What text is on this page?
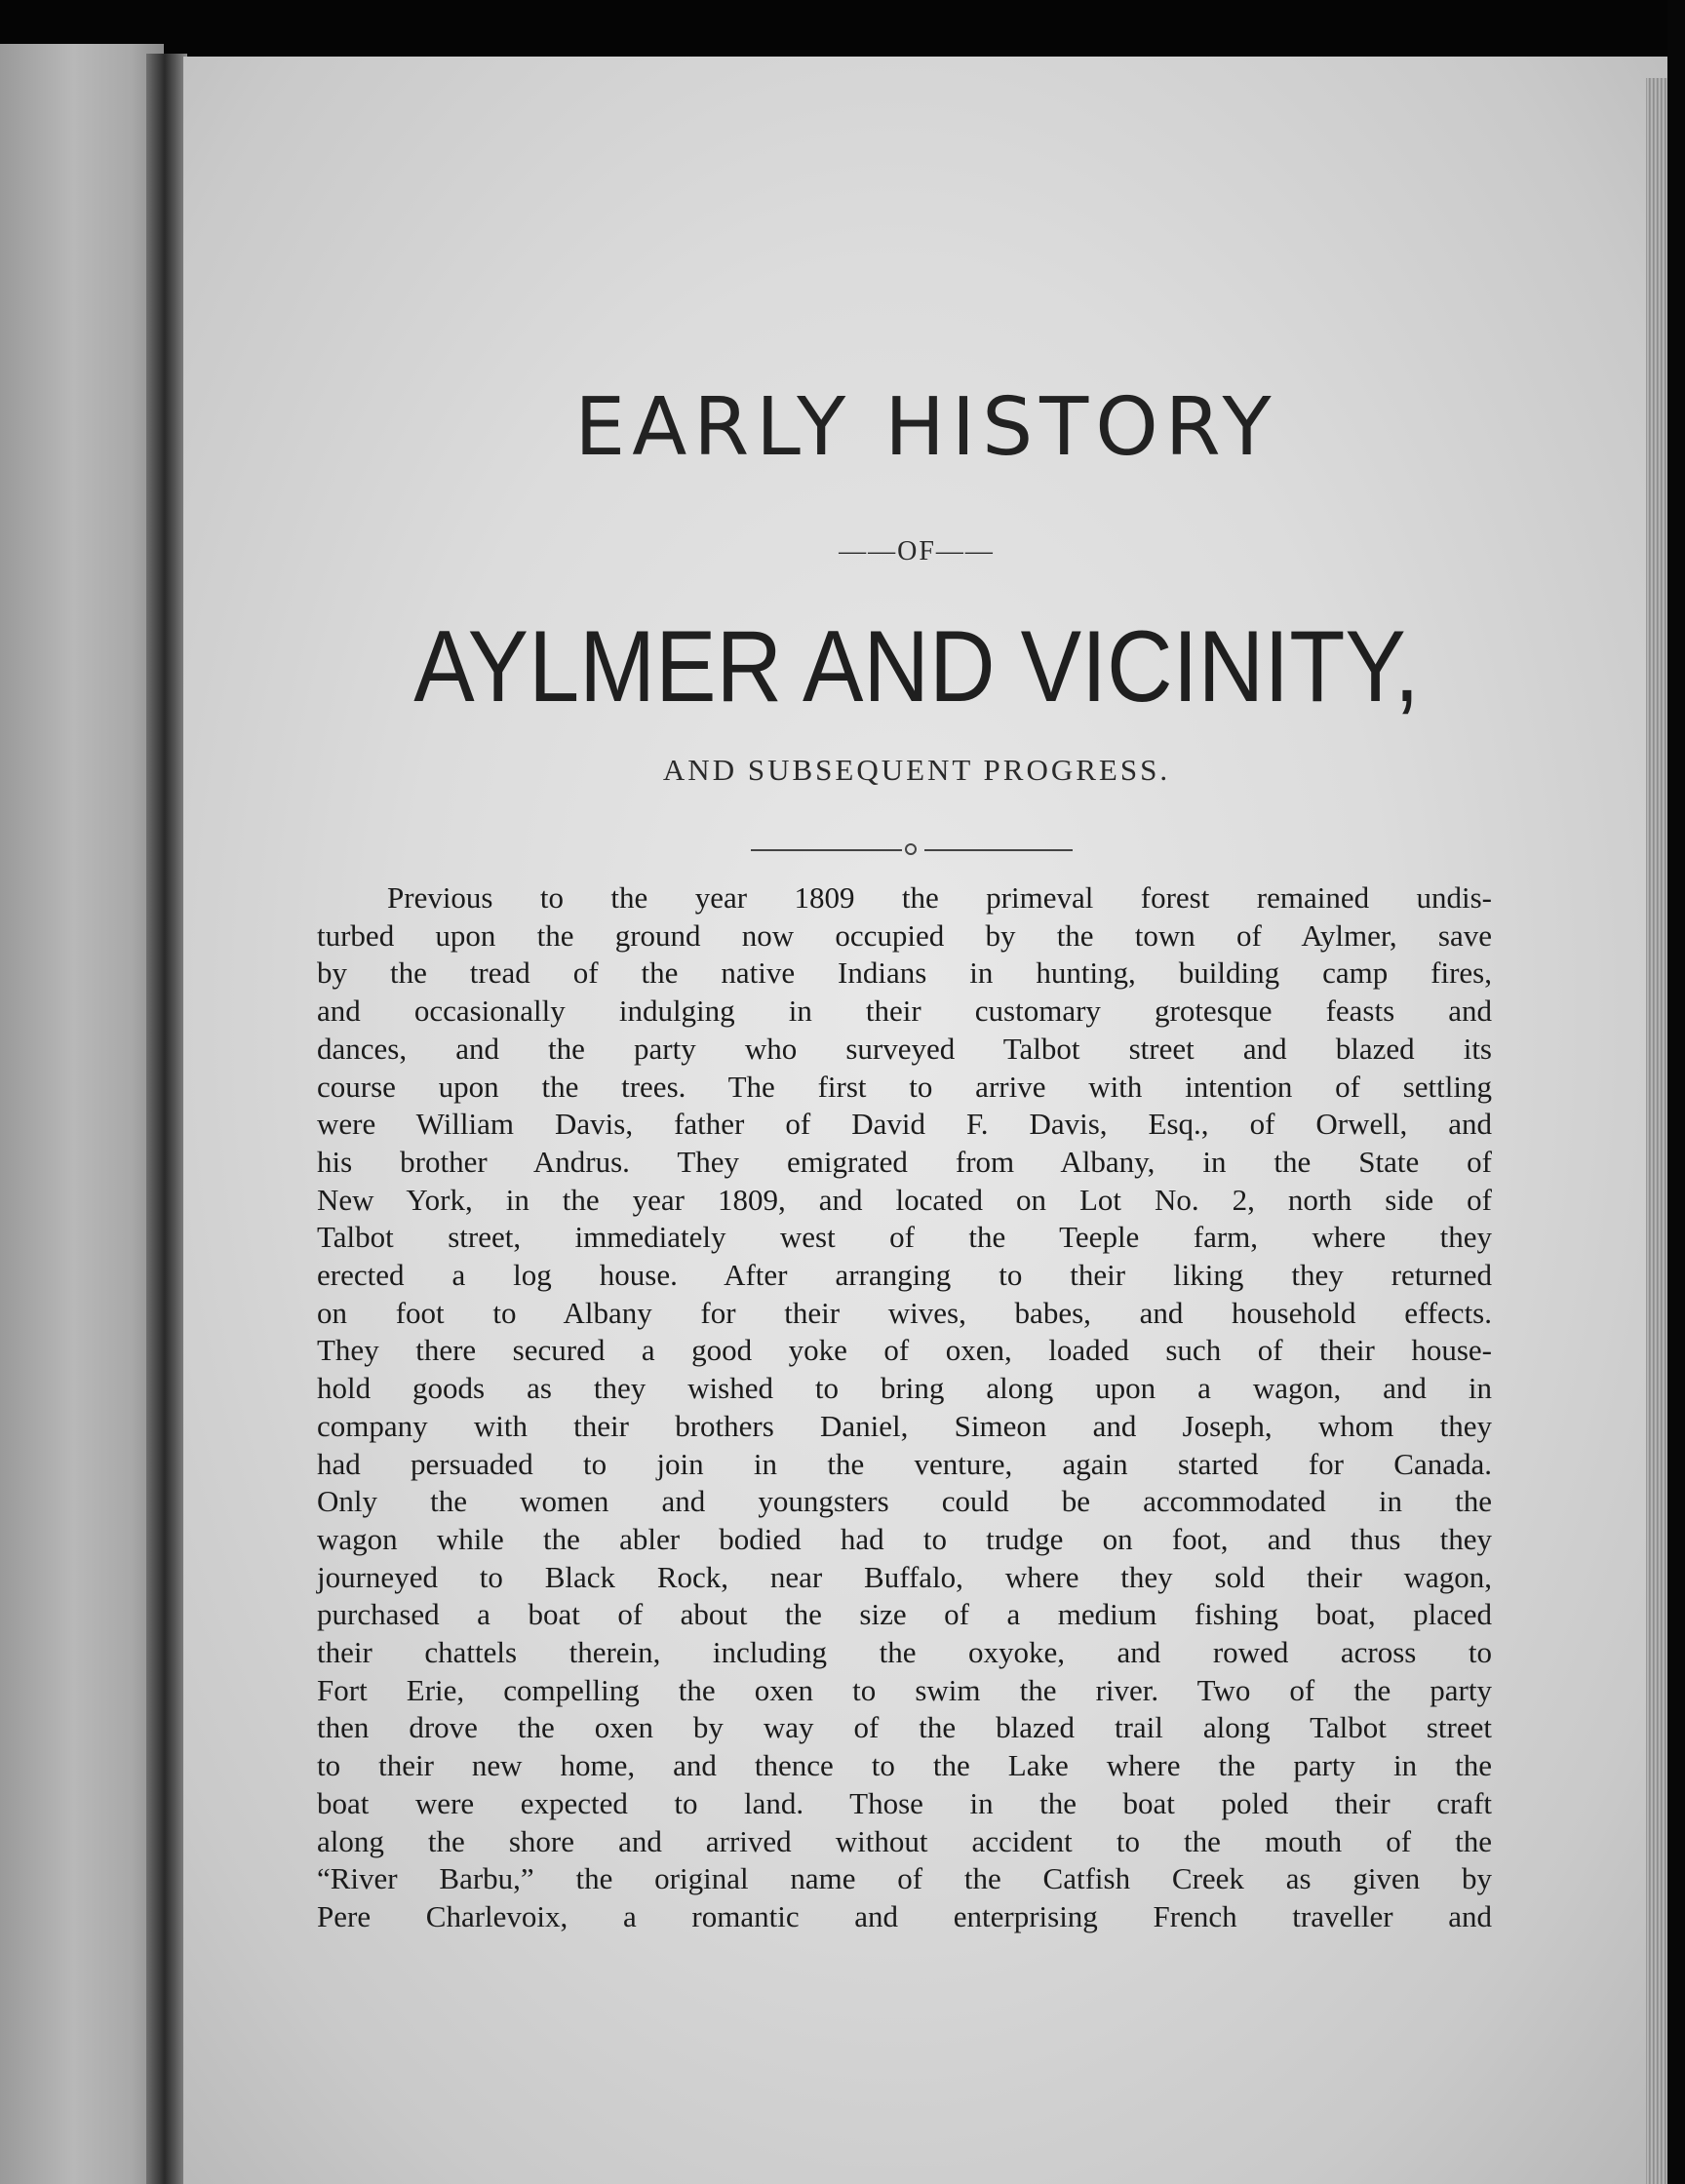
EARLY HISTORY
——OF——
AYLMER AND VICINITY,
AND SUBSEQUENT PROGRESS.
Previous to the year 1809 the primeval forest remained undis-
turbed upon the ground now occupied by the town of Aylmer, save
by the tread of the native Indians in hunting, building camp fires,
and occasionally indulging in their customary grotesque feasts and
dances, and the party who surveyed Talbot street and blazed its
course upon the trees. The first to arrive with intention of settling
were William Davis, father of David F. Davis, Esq., of Orwell, and
his brother Andrus. They emigrated from Albany, in the State of
New York, in the year 1809, and located on Lot No. 2, north side of
Talbot street, immediately west of the Teeple farm, where they
erected a log house. After arranging to their liking they returned
on foot to Albany for their wives, babes, and household effects.
They there secured a good yoke of oxen, loaded such of their house-
hold goods as they wished to bring along upon a wagon, and in
company with their brothers Daniel, Simeon and Joseph, whom they
had persuaded to join in the venture, again started for Canada.
Only the women and youngsters could be accommodated in the
wagon while the abler bodied had to trudge on foot, and thus they
journeyed to Black Rock, near Buffalo, where they sold their wagon,
purchased a boat of about the size of a medium fishing boat, placed
their chattels therein, including the oxyoke, and rowed across to
Fort Erie, compelling the oxen to swim the river. Two of the party
then drove the oxen by way of the blazed trail along Talbot street
to their new home, and thence to the Lake where the party in the
boat were expected to land. Those in the boat poled their craft
along the shore and arrived without accident to the mouth of the
“River Barbu,” the original name of the Catfish Creek as given by
Pere Charlevoix, a romantic and enterprising French traveller and
